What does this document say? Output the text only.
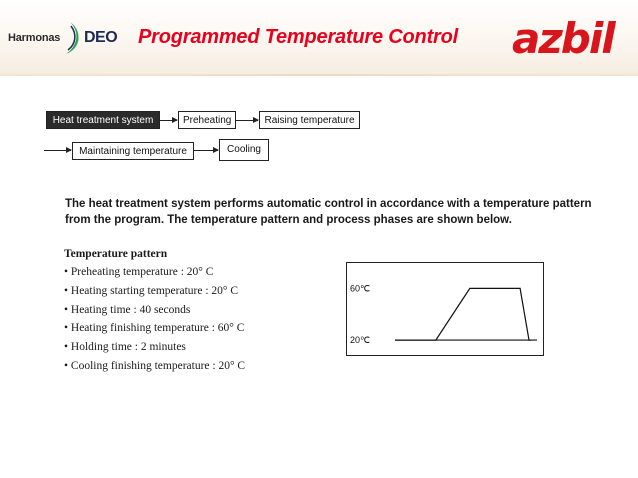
Harmonas DEO Programmed Temperature Control azbil
Heat treatment system	Preheating	Raising temperature
Maintaining temperature	Cooling
The heat treatment system performs automatic control in accordance with a temperature pattern from the program. The temperature pattern and process phases are shown below.
Temperature pattern
• Preheating temperature : 20° C
• Heating starting temperature : 20° C
• Heating time : 40 seconds
• Heating finishing temperature : 60° C
• Holding time : 2 minutes
• Cooling finishing temperature : 20° C
60℃
20℃
